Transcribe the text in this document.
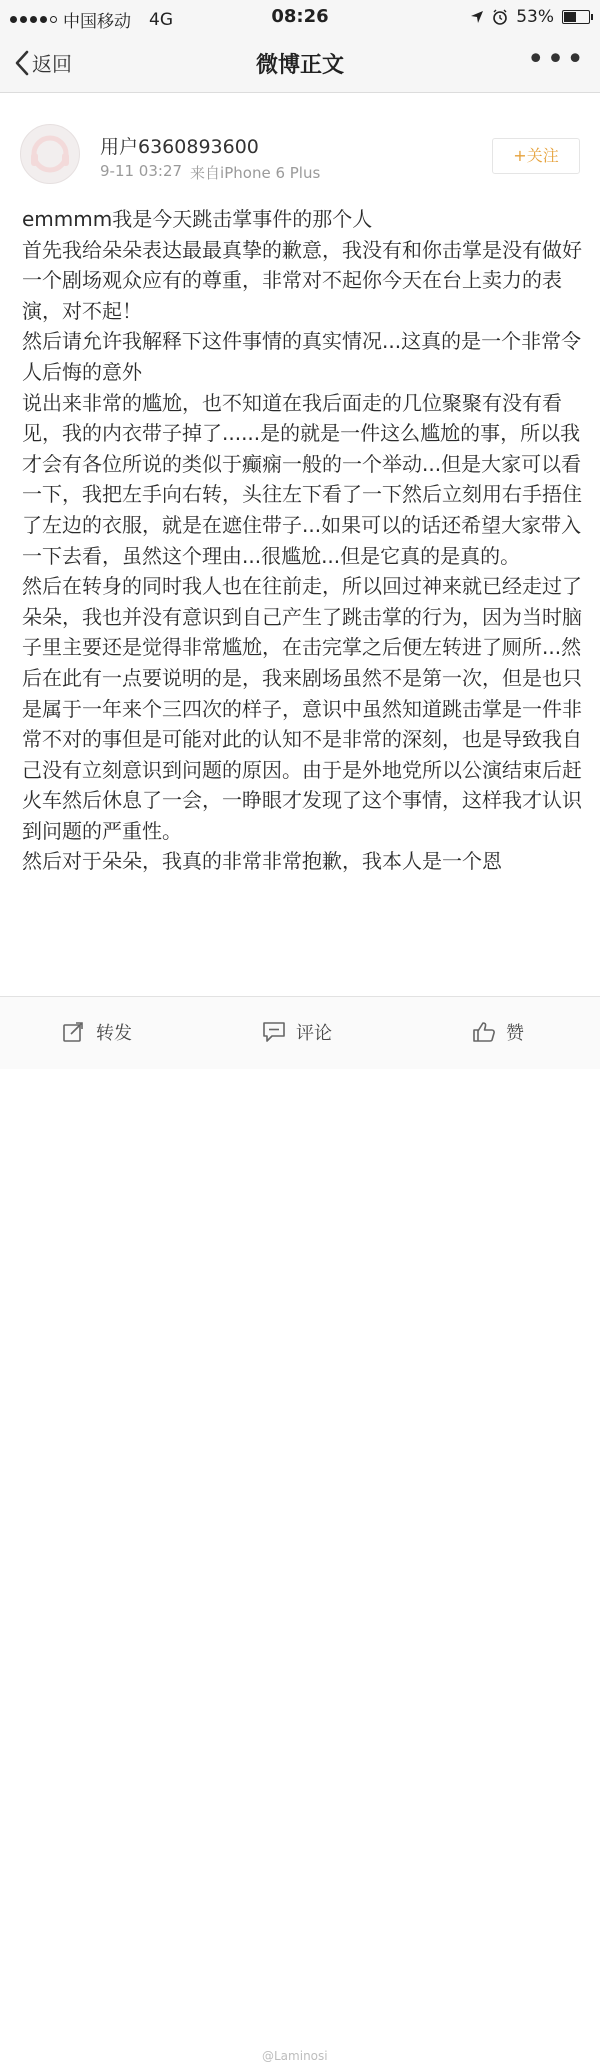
中国移动 4G	08:26	53%
返回	微博正文	•••
用户6360893600
9-11 03:27 来自iPhone 6 Plus
+关注

emmmm我是今天跳击掌事件的那个人

首先我给朵朵表达最最真挚的歉意，我没有和你击掌是没有做好一个剧场观众应有的尊重，非常对不起你今天在台上卖力的表演，对不起！

然后请允许我解释下这件事情的真实情况...这真的是一个非常令人后悔的意外

说出来非常的尴尬，也不知道在我后面走的几位聚聚有没有看见，我的内衣带子掉了......是的就是一件这么尴尬的事，所以我才会有各位所说的类似于癫痫一般的一个举动...但是大家可以看一下，我把左手向右转，头往左下看了一下然后立刻用右手捂住了左边的衣服，就是在遮住带子...如果可以的话还希望大家带入一下去看，虽然这个理由...很尴尬...但是它真的是真的。

然后在转身的同时我人也在往前走，所以回过神来就已经走过了朵朵，我也并没有意识到自己产生了跳击掌的行为，因为当时脑子里主要还是觉得非常尴尬，在击完掌之后便左转进了厕所...然后在此有一点要说明的是，我来剧场虽然不是第一次，但是也只是属于一年来个三四次的样子，意识中虽然知道跳击掌是一件非常不对的事但是可能对此的认知不是非常的深刻，也是导致我自己没有立刻意识到问题的原因。由于是外地党所以公演结束后赶火车然后休息了一会，一睁眼才发现了这个事情，这样我才认识到问题的严重性。

然后对于朵朵，我真的非常非常抱歉，我本人是一个恩

转发	评论	赞
@Laminosi
